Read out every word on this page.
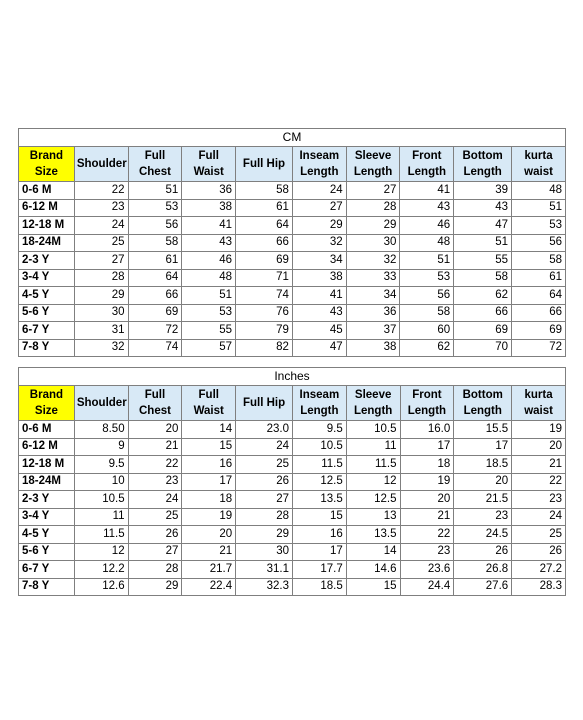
CM									
Brand Size	Shoulder	Full Chest	Full Waist	Full Hip	Inseam Length	Sleeve Length	Front Length	Bottom Length	kurta waist
0-6 M	22	51	36	58	24	27	41	39	48
6-12 M	23	53	38	61	27	28	43	43	51
12-18 M	24	56	41	64	29	29	46	47	53
18-24M	25	58	43	66	32	30	48	51	56
2-3 Y	27	61	46	69	34	32	51	55	58
3-4 Y	28	64	48	71	38	33	53	58	61
4-5 Y	29	66	51	74	41	34	56	62	64
5-6 Y	30	69	53	76	43	36	58	66	66
6-7 Y	31	72	55	79	45	37	60	69	69
7-8 Y	32	74	57	82	47	38	62	70	72
Inches									
Brand Size	Shoulder	Full Chest	Full Waist	Full Hip	Inseam Length	Sleeve Length	Front Length	Bottom Length	kurta waist
0-6 M	8.50	20	14	23.0	9.5	10.5	16.0	15.5	19
6-12 M	9	21	15	24	10.5	11	17	17	20
12-18 M	9.5	22	16	25	11.5	11.5	18	18.5	21
18-24M	10	23	17	26	12.5	12	19	20	22
2-3 Y	10.5	24	18	27	13.5	12.5	20	21.5	23
3-4 Y	11	25	19	28	15	13	21	23	24
4-5 Y	11.5	26	20	29	16	13.5	22	24.5	25
5-6 Y	12	27	21	30	17	14	23	26	26
6-7 Y	12.2	28	21.7	31.1	17.7	14.6	23.6	26.8	27.2
7-8 Y	12.6	29	22.4	32.3	18.5	15	24.4	27.6	28.3
